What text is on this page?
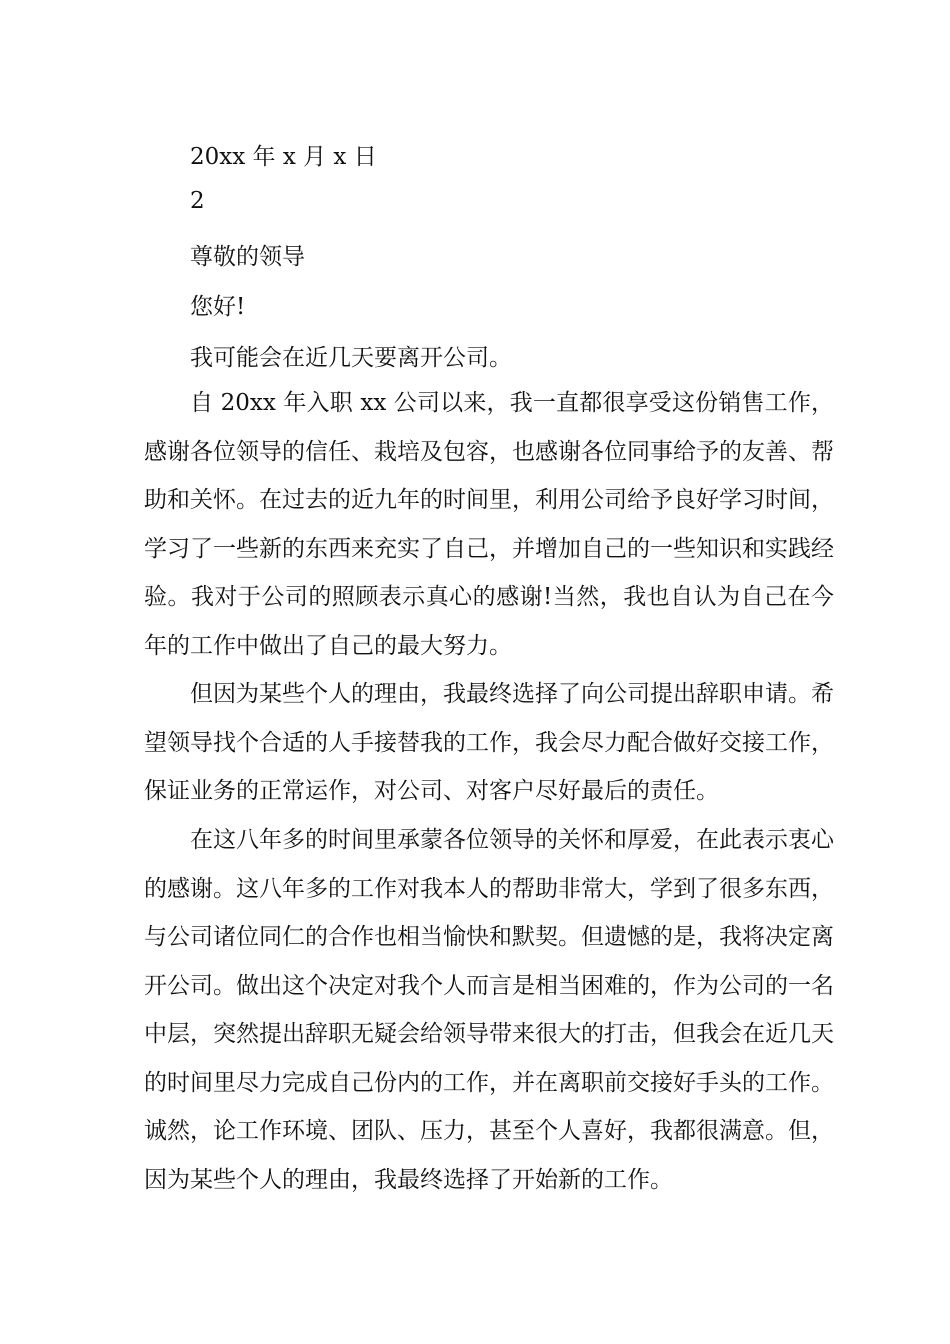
20xx 年 x 月 x 日
2
尊敬的领导
您好!
我可能会在近几天要离开公司。

自 20xx 年入职 xx 公司以来，我一直都很享受这份销售工作，感谢各位领导的信任、栽培及包容，也感谢各位同事给予的友善、帮助和关怀。在过去的近九年的时间里，利用公司给予良好学习时间，学习了一些新的东西来充实了自己，并增加自己的一些知识和实践经验。我对于公司的照顾表示真心的感谢!当然，我也自认为自己在今年的工作中做出了自己的最大努力。

但因为某些个人的理由，我最终选择了向公司提出辞职申请。希望领导找个合适的人手接替我的工作，我会尽力配合做好交接工作，保证业务的正常运作，对公司、对客户尽好最后的责任。

在这八年多的时间里承蒙各位领导的关怀和厚爱，在此表示衷心的感谢。这八年多的工作对我本人的帮助非常大，学到了很多东西，与公司诸位同仁的合作也相当愉快和默契。但遗憾的是，我将决定离开公司。做出这个决定对我个人而言是相当困难的，作为公司的一名中层，突然提出辞职无疑会给领导带来很大的打击，但我会在近几天的时间里尽力完成自己份内的工作，并在离职前交接好手头的工作。诚然，论工作环境、团队、压力，甚至个人喜好，我都很满意。但，因为某些个人的理由，我最终选择了开始新的工作。
